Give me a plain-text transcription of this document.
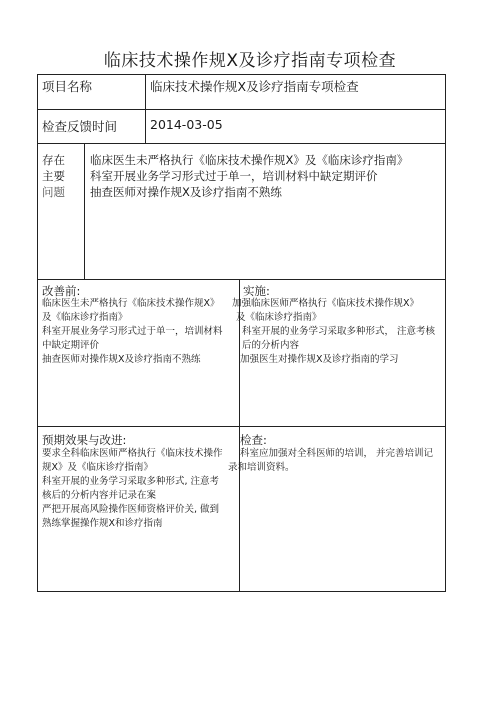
临床技术操作规X及诊疗指南专项检查
项目名称	临床技术操作规X及诊疗指南专项检查
检查反馈时间	2014-03-05
存在
主要
问题
临床医生未严格执行《临床技术操作规X》及《临床诊疗指南》
科室开展业务学习形式过于单一，培训材料中缺定期评价
抽查医师对操作规X及诊疗指南不熟练
改善前:
临床医生未严格执行《临床技术操作规X》
及《临床诊疗指南》
科室开展业务学习形式过于单一，培训材料
中缺定期评价
抽查医师对操作规X及诊疗指南不熟练
实施:
加强临床医师严格执行《临床技术操作规X》
及《临床诊疗指南》
科室开展的业务学习采取多种形式， 注意考核
后的分析内容
加强医生对操作规X及诊疗指南的学习
预期效果与改进:
要求全科临床医师严格执行《临床技术操作
规X》及《临床诊疗指南》
科室开展的业务学习采取多种形式, 注意考
核后的分析内容并记录在案
严把开展高风险操作医师资格评价关, 做到
熟练掌握操作规X和诊疗指南
检查:
科室应加强对全科医师的培训， 并完善培训记
录和培训资料。
